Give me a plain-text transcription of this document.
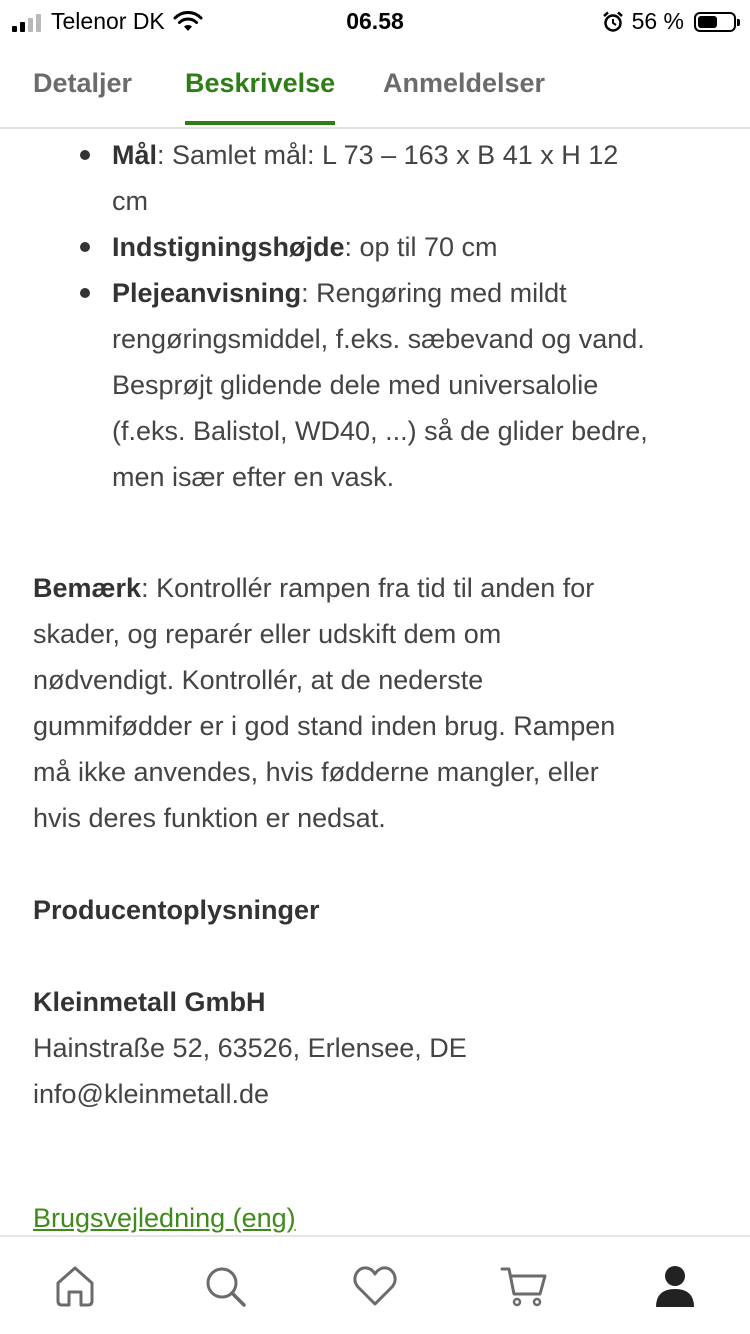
Telenor DK	06.58	56 %
Detaljer Beskrivelse Anmeldelser
Mål: Samlet mål: L 73 – 163 x B 41 x H 12
cm
Indstigningshøjde: op til 70 cm
Plejeanvisning: Rengøring med mildt
rengøringsmiddel, f.eks. sæbevand og vand.
Besprøjt glidende dele med universalolie
(f.eks. Balistol, WD40, ...) så de glider bedre,
men især efter en vask.
Bemærk: Kontrollér rampen fra tid til anden for
skader, og reparér eller udskift dem om
nødvendigt. Kontrollér, at de nederste
gummifødder er i god stand inden brug. Rampen
må ikke anvendes, hvis fødderne mangler, eller
hvis deres funktion er nedsat.
Producentoplysninger
Kleinmetall GmbH
Hainstraße 52, 63526, Erlensee, DE
info@kleinmetall.de
Brugsvejledning (eng)
